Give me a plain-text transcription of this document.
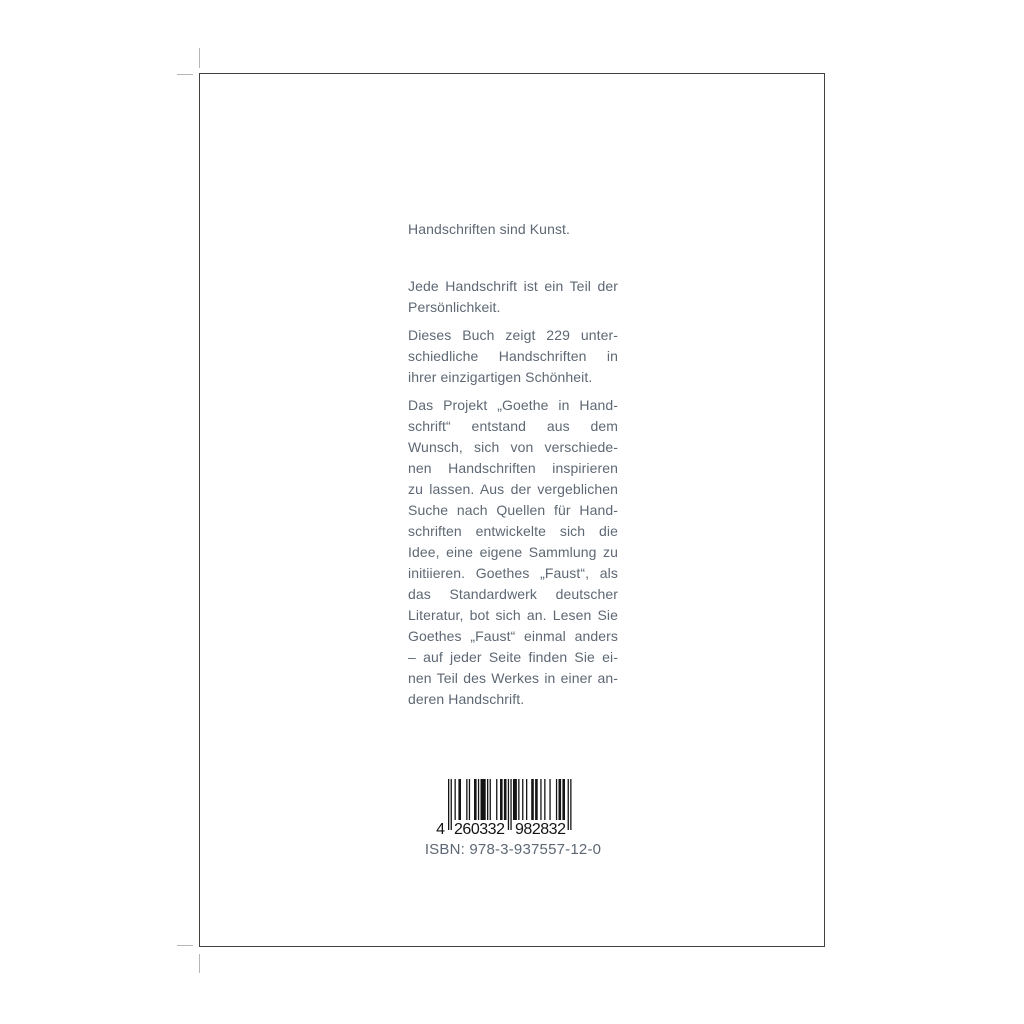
Handschriften sind Kunst.
Jede Handschrift ist ein Teil der
Persönlichkeit.
Dieses Buch zeigt 229 unter-
schiedliche Handschriften in
ihrer einzigartigen Schönheit.
Das Projekt „Goethe in Hand-
schrift“ entstand aus dem
Wunsch, sich von verschiede-
nen Handschriften inspirieren
zu lassen. Aus der vergeblichen
Suche nach Quellen für Hand-
schriften entwickelte sich die
Idee, eine eigene Sammlung zu
initiieren. Goethes „Faust“, als
das Standardwerk deutscher
Literatur, bot sich an. Lesen Sie
Goethes „Faust“ einmal anders
– auf jeder Seite finden Sie ei-
nen Teil des Werkes in einer an-
deren Handschrift.
4 260332 982832
ISBN: 978-3-937557-12-0
